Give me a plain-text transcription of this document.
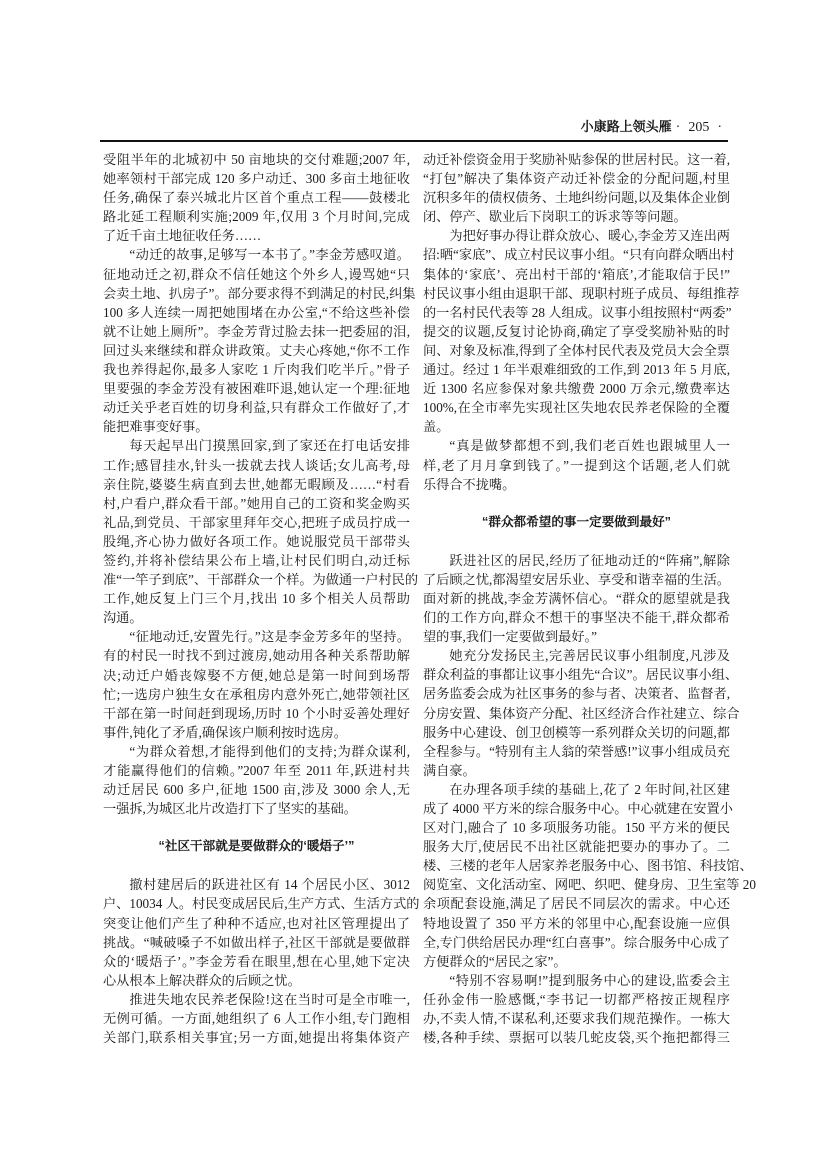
小康路上领头雁 · 205 ·
受阻半年的北城初中 50 亩地块的交付难题;2007 年,
她率领村干部完成 120 多户动迁、300 多亩土地征收
任务,确保了泰兴城北片区首个重点工程——鼓楼北
路北延工程顺利实施;2009 年,仅用 3 个月时间,完成
了近千亩土地征收任务……
“动迁的故事,足够写一本书了。”李金芳感叹道。
征地动迁之初,群众不信任她这个外乡人,谩骂她“只
会卖土地、扒房子”。部分要求得不到满足的村民,纠集
100 多人连续一周把她围堵在办公室,“不给这些补偿
就不让她上厕所”。李金芳背过脸去抹一把委屈的泪,
回过头来继续和群众讲政策。丈夫心疼她,“你不工作
我也养得起你,最多人家吃 1 斤肉我们吃半斤。”骨子
里要强的李金芳没有被困难吓退,她认定一个理:征地
动迁关乎老百姓的切身利益,只有群众工作做好了,才
能把难事变好事。
每天起早出门摸黑回家,到了家还在打电话安排
工作;感冒挂水,针头一拔就去找人谈话;女儿高考,母
亲住院,婆婆生病直到去世,她都无暇顾及……“村看
村,户看户,群众看干部。”她用自己的工资和奖金购买
礼品,到党员、干部家里拜年交心,把班子成员拧成一
股绳,齐心协力做好各项工作。她说服党员干部带头
签约,并将补偿结果公布上墙,让村民们明白,动迁标
准“一竿子到底”、干部群众一个样。为做通一户村民的
工作,她反复上门三个月,找出 10 多个相关人员帮助
沟通。
“征地动迁,安置先行。”这是李金芳多年的坚持。
有的村民一时找不到过渡房,她动用各种关系帮助解
决;动迁户婚丧嫁娶不方便,她总是第一时间到场帮
忙;一选房户独生女在承租房内意外死亡,她带领社区
干部在第一时间赶到现场,历时 10 个小时妥善处理好
事件,钝化了矛盾,确保该户顺利按时选房。
“为群众着想,才能得到他们的支持;为群众谋利,
才能赢得他们的信赖。”2007 年至 2011 年,跃进村共
动迁居民 600 多户,征地 1500 亩,涉及 3000 余人,无
一强拆,为城区北片改造打下了坚实的基础。
“社区干部就是要做群众的‘暖焐子’”
撤村建居后的跃进社区有 14 个居民小区、3012
户、10034 人。村民变成居民后,生产方式、生活方式的
突变让他们产生了种种不适应,也对社区管理提出了
挑战。“喊破嗓子不如做出样子,社区干部就是要做群
众的‘暖焐子’。”李金芳看在眼里,想在心里,她下定决
心从根本上解决群众的后顾之忧。
推进失地农民养老保险!这在当时可是全市唯一,
无例可循。一方面,她组织了 6 人工作小组,专门跑相
关部门,联系相关事宜;另一方面,她提出将集体资产
动迁补偿资金用于奖励补贴参保的世居村民。这一着,
“打包”解决了集体资产动迁补偿金的分配问题,村里
沉积多年的债权债务、土地纠纷问题,以及集体企业倒
闭、停产、歇业后下岗职工的诉求等等问题。
为把好事办得让群众放心、暖心,李金芳又连出两
招:晒“家底”、成立村民议事小组。“只有向群众晒出村
集体的‘家底’、亮出村干部的‘箱底’,才能取信于民!”
村民议事小组由退职干部、现职村班子成员、每组推荐
的一名村民代表等 28 人组成。议事小组按照村“两委”
提交的议题,反复讨论协商,确定了享受奖励补贴的时
间、对象及标准,得到了全体村民代表及党员大会全票
通过。经过 1 年半艰难细致的工作,到 2013 年 5 月底,
近 1300 名应参保对象共缴费 2000 万余元,缴费率达
100%,在全市率先实现社区失地农民养老保险的全覆
盖。
“真是做梦都想不到,我们老百姓也跟城里人一
样,老了月月拿到钱了。”一提到这个话题,老人们就
乐得合不拢嘴。
“群众都希望的事一定要做到最好”
跃进社区的居民,经历了征地动迁的“阵痛”,解除
了后顾之忧,都渴望安居乐业、享受和谐幸福的生活。
面对新的挑战,李金芳满怀信心。“群众的愿望就是我
们的工作方向,群众不想干的事坚决不能干,群众都希
望的事,我们一定要做到最好。”
她充分发扬民主,完善居民议事小组制度,凡涉及
群众利益的事都让议事小组先“合议”。居民议事小组、
居务监委会成为社区事务的参与者、决策者、监督者,
分房安置、集体资产分配、社区经济合作社建立、综合
服务中心建设、创卫创模等一系列群众关切的问题,都
全程参与。“特别有主人翁的荣誉感!”议事小组成员充
满自豪。
在办理各项手续的基础上,花了 2 年时间,社区建
成了 4000 平方米的综合服务中心。中心就建在安置小
区对门,融合了 10 多项服务功能。150 平方米的便民
服务大厅,使居民不出社区就能把要办的事办了。二
楼、三楼的老年人居家养老服务中心、图书馆、科技馆、
阅览室、文化活动室、网吧、织吧、健身房、卫生室等 20
余项配套设施,满足了居民不同层次的需求。中心还
特地设置了 350 平方米的邻里中心,配套设施一应俱
全,专门供给居民办理“红白喜事”。综合服务中心成了
方便群众的“居民之家”。
“特别不容易啊!”提到服务中心的建设,监委会主
任孙金伟一脸感慨,“李书记一切都严格按正规程序
办,不卖人情,不谋私利,还要求我们规范操作。一栋大
楼,各种手续、票据可以装几蛇皮袋,买个拖把都得三
